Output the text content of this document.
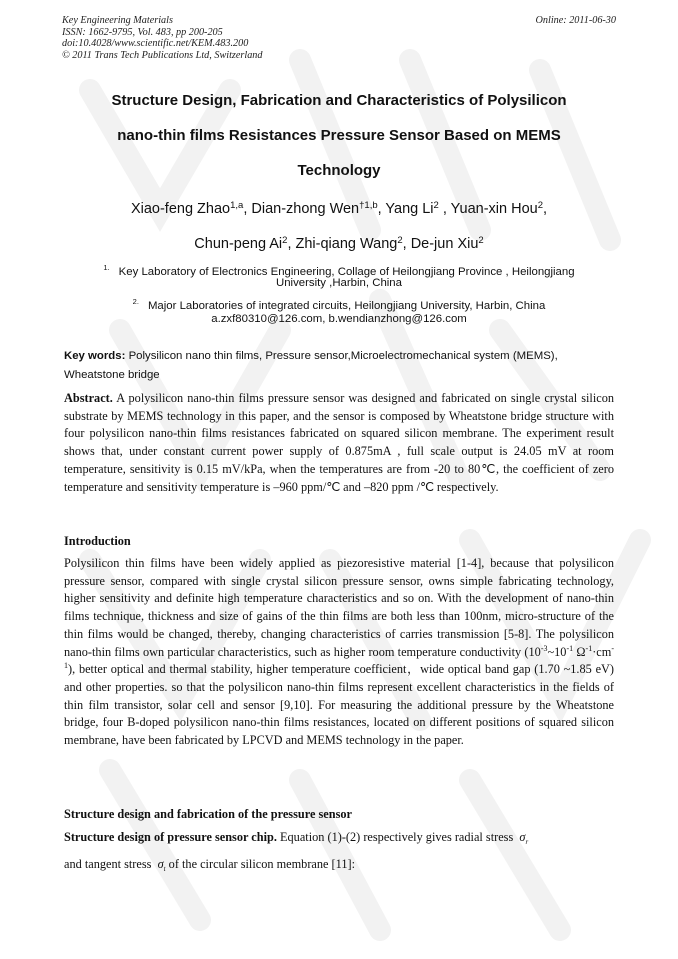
Key Engineering Materials
ISSN: 1662-9795, Vol. 483, pp 200-205
doi:10.4028/www.scientific.net/KEM.483.200
© 2011 Trans Tech Publications Ltd, Switzerland
Online: 2011-06-30
Structure Design, Fabrication and Characteristics of Polysilicon
nano-thin films Resistances Pressure Sensor Based on MEMS
Technology
Xiao-feng Zhao$^{1,a}$, Dian-zhong Wen$^{\dagger 1,b}$, Yang Li$^2$ , Yuan-xin Hou$^2$,
Chun-peng Ai$^2$, Zhi-qiang Wang$^2$, De-jun Xiu$^2$
$^{1.}$ Key Laboratory of Electronics Engineering, Collage of Heilongjiang Province , Heilongjiang
University ,Harbin, China
$^{2.}$ Major Laboratories of integrated circuits, Heilongjiang University, Harbin, China
a.zxf80310@126.com, b.wendianzhong@126.com
Key words: Polysilicon nano thin films, Pressure sensor,Microelectromechanical system (MEMS), Wheatstone bridge
Abstract. A polysilicon nano-thin films pressure sensor was designed and fabricated on single crystal silicon substrate by MEMS technology in this paper, and the sensor is composed by Wheatstone bridge structure with four polysilicon nano-thin films resistances fabricated on squared silicon membrane. The experiment result shows that, under constant current power supply of 0.875mA , full scale output is 24.05 mV at room temperature, sensitivity is 0.15 mV/kPa, when the temperatures are from -20 to 80℃, the coefficient of zero temperature and sensitivity temperature is –960 ppm/℃ and –820 ppm /℃ respectively.
Introduction
Polysilicon thin films have been widely applied as piezoresistive material [1-4], because that polysilicon pressure sensor, compared with single crystal silicon pressure sensor, owns simple fabricating technology, higher sensitivity and definite high temperature characteristics and so on. With the development of nano-thin films technique, thickness and size of gains of the thin films are both less than 100nm, micro-structure of the thin films would be changed, thereby, changing characteristics of carries transmission [5-8]. The polysilicon nano-thin films own particular characteristics, such as higher room temperature conductivity ($10^{-3}\sim 10^{-1}$ $\Omega^{-1}\cdot cm^{-1}$), better optical and thermal stability, higher temperature coefficient，wide optical band gap (1.70 ~1.85 eV) and other properties. so that the polysilicon nano-thin films represent excellent characteristics in the fields of thin film transistor, solar cell and sensor [9,10]. For measuring the additional pressure by the Wheatstone bridge, four B-doped polysilicon nano-thin films resistances, located on different positions of squared silicon membrane, have been fabricated by LPCVD and MEMS technology in the paper.
Structure design and fabrication of the pressure sensor
Structure design of pressure sensor chip. Equation (1)-(2) respectively gives radial stress  $\sigma_r$

and tangent stress  $\sigma_t$ of the circular silicon membrane [11]:
